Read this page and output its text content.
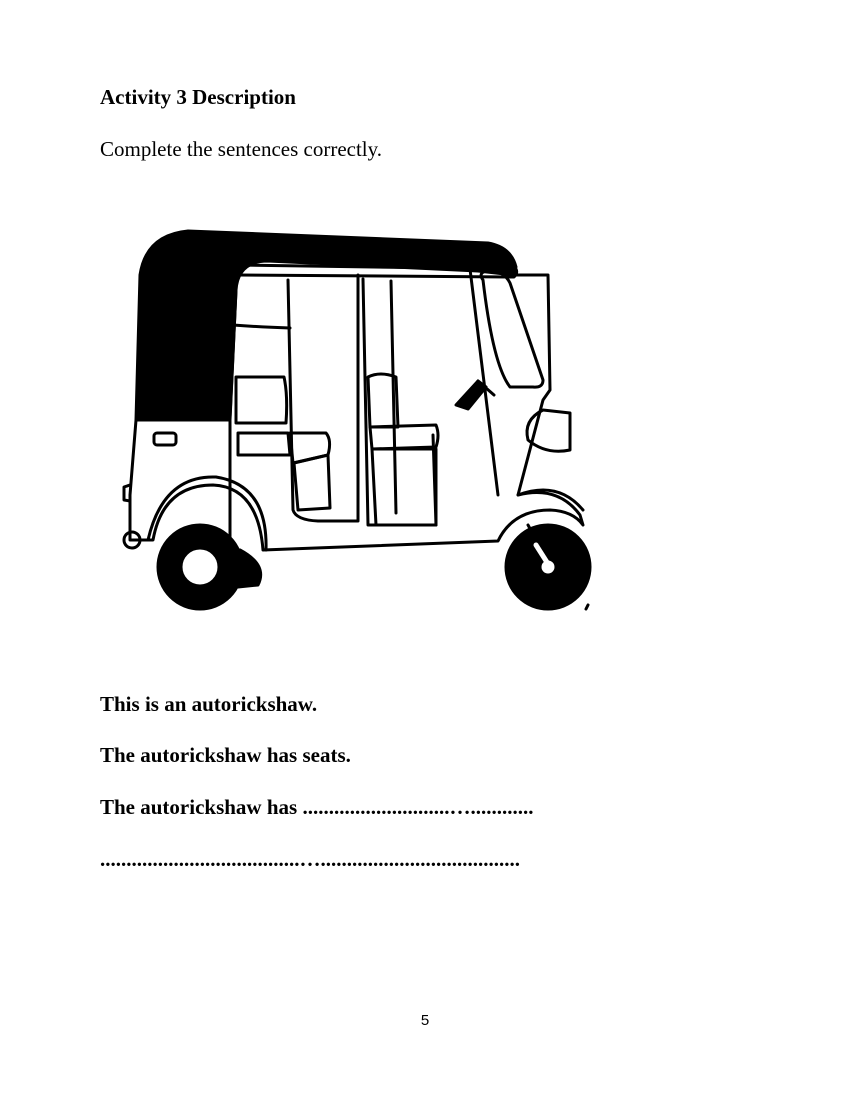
Activity 3 Description

Complete the sentences correctly.

This is an autorickshaw.

The autorickshaw has seats.

The autorickshaw has ............................…............

......................................…......................................

5
